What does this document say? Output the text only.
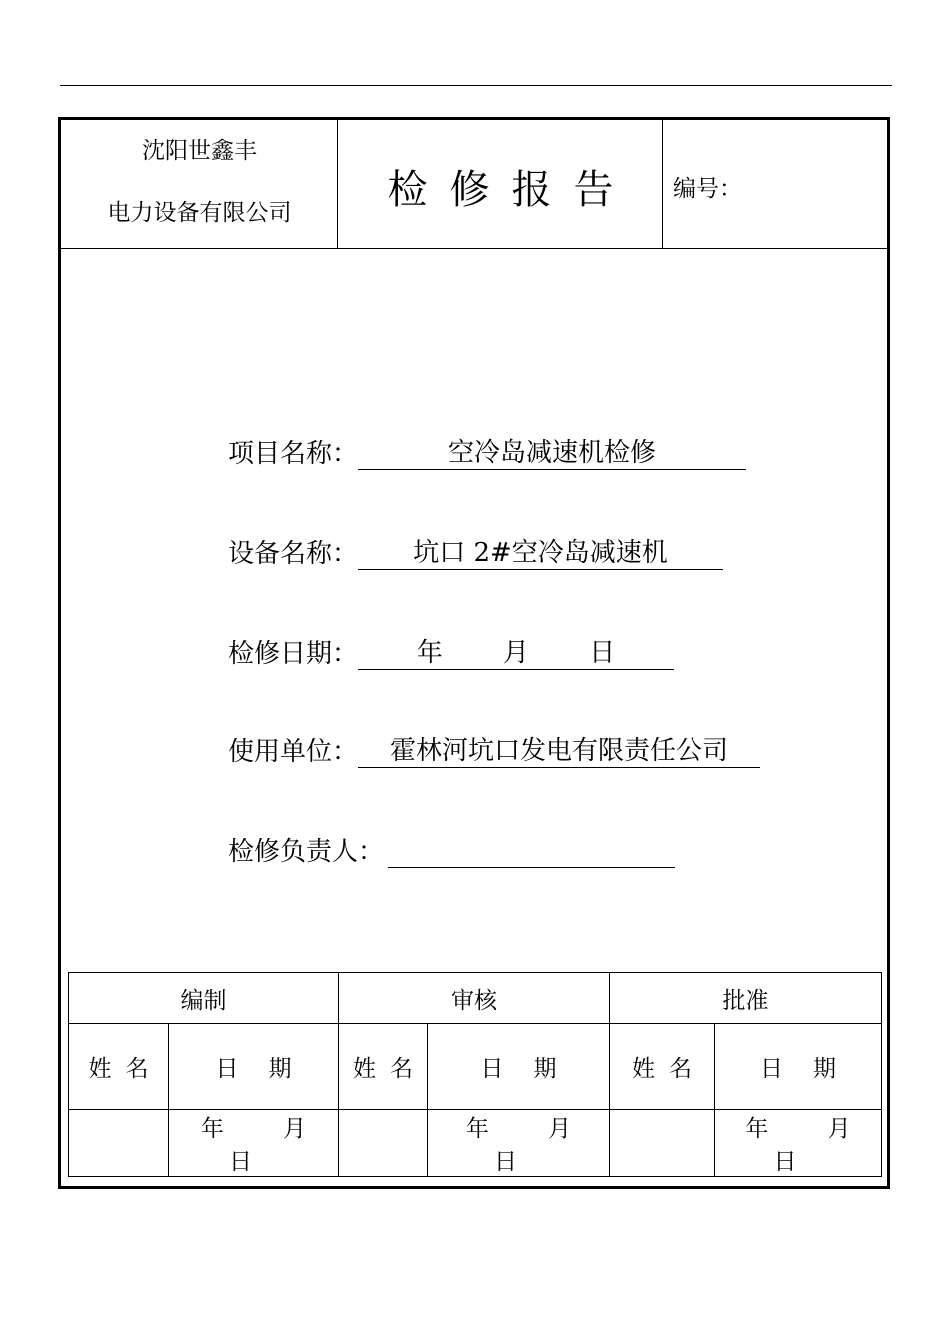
沈阳世鑫丰
电力设备有限公司	检修报告	编号：
项目名称：	空冷岛减速机检修
设备名称： 坑口 2#空冷岛减速机
检修日期： 年 月 日
使用单位： 霍林河坑口发电有限责任公司
检修负责人：
编制		审核		批准	
姓名	日期	姓名	日期	姓名	日期
	年 月 日		年 月 日		年 月 日
